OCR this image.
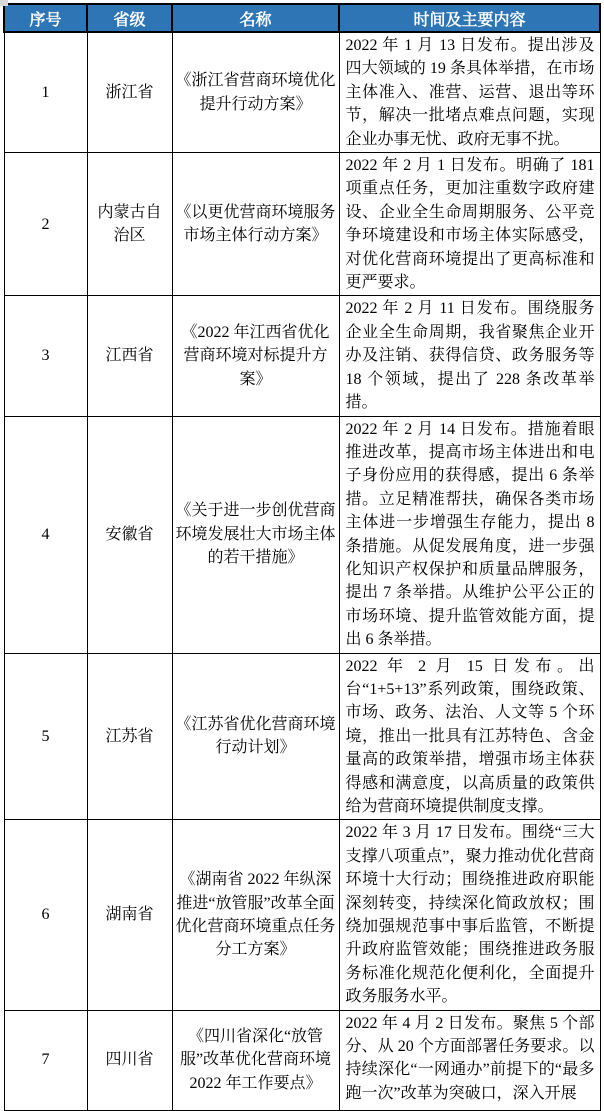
序号	省级	名称	时间及主要内容
1	浙江省	《浙江省营商环境优化提升行动方案》	2022 年 1 月 13 日发布。提出涉及四大领域的 19 条具体举措，在市场主体准入、准营、运营、退出等环节，解决一批堵点难点问题，实现企业办事无忧、政府无事不扰。
2	内蒙古自治区	《以更优营商环境服务市场主体行动方案》	2022 年 2 月 1 日发布。明确了 181 项重点任务，更加注重数字政府建设、企业全生命周期服务、公平竞争环境建设和市场主体实际感受，对优化营商环境提出了更高标准和更严要求。
3	江西省	《2022 年江西省优化营商环境对标提升方案》	2022 年 2 月 11 日发布。围绕服务企业全生命周期，我省聚焦企业开办及注销、获得信贷、政务服务等 18 个领域，提出了 228 条改革举措。
4	安徽省	《关于进一步创优营商环境发展壮大市场主体的若干措施》	2022 年 2 月 14 日发布。措施着眼推进改革，提高市场主体进出和电子身份应用的获得感，提出 6 条举措。立足精准帮扶，确保各类市场主体进一步增强生存能力，提出 8 条措施。从促发展角度，进一步强化知识产权保护和质量品牌服务，提出 7 条举措。从维护公平公正的市场环境、提升监管效能方面，提出 6 条举措。
5	江苏省	《江苏省优化营商环境行动计划》	2022 年 2 月 15 日发布。出台“1+5+13”系列政策，围绕政策、市场、政务、法治、人文等 5 个环境，推出一批具有江苏特色、含金量高的政策举措，增强市场主体获得感和满意度，以高质量的政策供给为营商环境提供制度支撑。
6	湖南省	《湖南省 2022 年纵深推进“放管服”改革全面优化营商环境重点任务分工方案》	2022 年 3 月 17 日发布。围绕“三大支撑八项重点”，聚力推动优化营商环境十大行动；围绕推进政府职能深刻转变，持续深化简政放权；围绕加强规范事中事后监管，不断提升政府监管效能；围绕推进政务服务标准化规范化便利化，全面提升政务服务水平。
7	四川省	《四川省深化“放管服”改革优化营商环境 2022 年工作要点》	2022 年 4 月 2 日发布。聚焦 5 个部分、从 20 个方面部署任务要求。以持续深化“一网通办”前提下的“最多跑一次”改革为突破口，深入开展
